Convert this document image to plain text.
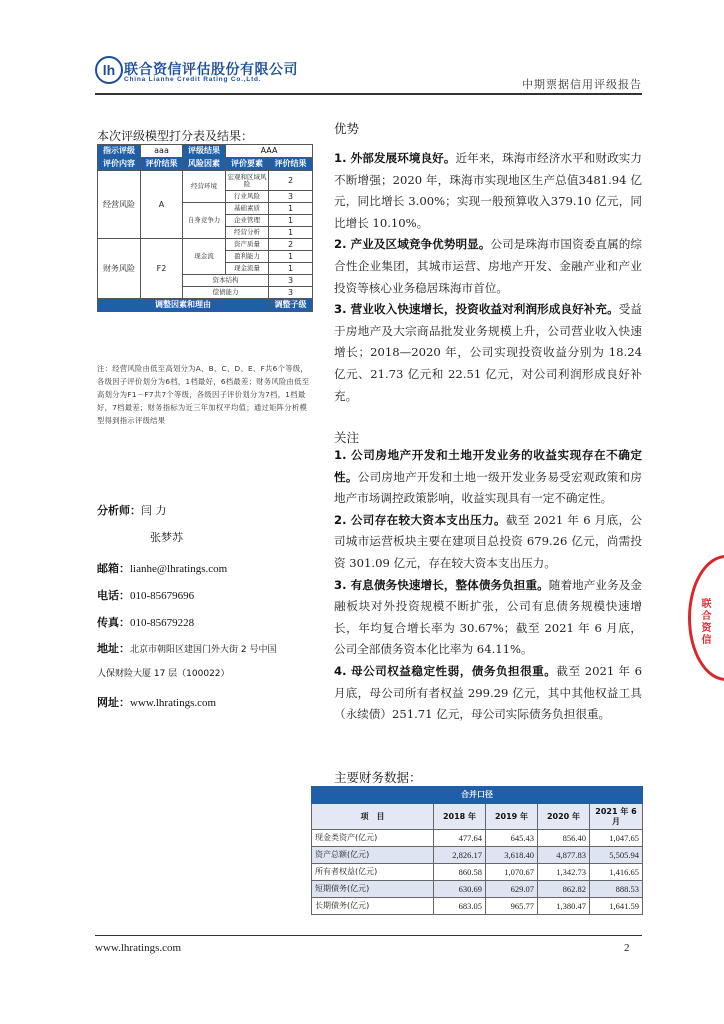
lh 联合资信评估股份有限公司
China Lianhe Credit Rating Co.,Ltd.	中期票据信用评级报告
本次评级模型打分表及结果：
指示评级	aaa	评级结果	AAA	
评价内容	评价结果	风险因素	评价要素	评价结果
经营风险	A	经营环境	宏观和区域风险	2
			行业风险	3
		自身竞争力	基础素质	1
			企业管理	1
			经营分析	1
财务风险	F2	现金流	资产质量	2
			盈利能力	1
			现金流量	1
		资本结构		3
		偿债能力		3
调整因素和理由				调整子级
注：经营风险由低至高划分为A、B、C、D、E、F共6个等级，各级因子评价划分为6档，1档最好，6档最差；财务风险由低至高划分为F1－F7共7个等级，各级因子评价划分为7档，1档最好，7档最差；财务指标为近三年加权平均值；通过矩阵分析模型得到指示评级结果
分析师：闫 力
张梦苏
邮箱：lianhe@lhratings.com
电话：010-85679696
传真：010-85679228
地址：北京市朝阳区建国门外大街 2 号中国
人保财险大厦 17 层（100022）
网址：www.lhratings.com
优势
1. 外部发展环境良好。近年来，珠海市经济水平和财政实力不断增强；2020 年，珠海市实现地区生产总值3481.94 亿元，同比增长 3.00%；实现一般预算收入379.10 亿元，同比增长 10.10%。
2. 产业及区域竞争优势明显。公司是珠海市国资委直属的综合性企业集团，其城市运营、房地产开发、金融产业和产业投资等核心业务稳居珠海市首位。
3. 营业收入快速增长，投资收益对利润形成良好补充。受益于房地产及大宗商品批发业务规模上升，公司营业收入快速增长；2018—2020 年，公司实现投资收益分别为 18.24 亿元、21.73 亿元和 22.51 亿元，对公司利润形成良好补充。
关注
1. 公司房地产开发和土地开发业务的收益实现存在不确定性。公司房地产开发和土地一级开发业务易受宏观政策和房地产市场调控政策影响，收益实现具有一定不确定性。
2. 公司存在较大资本支出压力。截至 2021 年 6 月底，公司城市运营板块主要在建项目总投资 679.26 亿元，尚需投资 301.09 亿元，存在较大资本支出压力。
3. 有息债务快速增长，整体债务负担重。随着地产业务及金融板块对外投资规模不断扩张，公司有息债务规模快速增长，年均复合增长率为 30.67%；截至 2021 年 6 月底，公司全部债务资本化比率为 64.11%。
4. 母公司权益稳定性弱，债务负担很重。截至 2021 年 6 月底，母公司所有者权益 299.29 亿元，其中其他权益工具（永续债）251.71 亿元，母公司实际债务负担很重。
主要财务数据：
合并口径				
项　目	2018 年	2019 年	2020 年	2021 年 6 月
现金类资产(亿元)	477.64	645.43	856.40	1,047.65
资产总额(亿元)	2,826.17	3,618.40	4,877.83	5,505.94
所有者权益(亿元)	860.58	1,070.67	1,342.73	1,416.65
短期债务(亿元)	630.69	629.07	862.82	888.53
长期债务(亿元)	683.05	965.77	1,380.47	1,641.59
联合资信
www.lhratings.com	2
